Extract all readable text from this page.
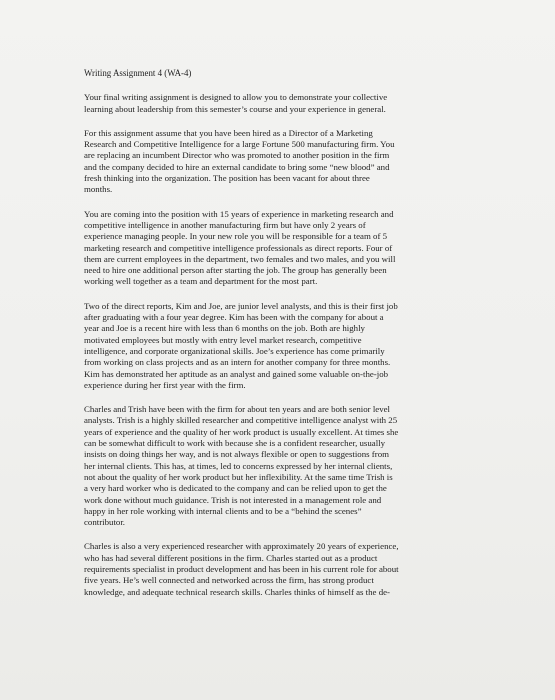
Writing Assignment 4 (WA-4)
Your final writing assignment is designed to allow you to demonstrate your collective
learning about leadership from this semester’s course and your experience in general.
For this assignment assume that you have been hired as a Director of a Marketing
Research and Competitive Intelligence for a large Fortune 500 manufacturing firm. You
are replacing an incumbent Director who was promoted to another position in the firm
and the company decided to hire an external candidate to bring some “new blood” and
fresh thinking into the organization. The position has been vacant for about three
months.
You are coming into the position with 15 years of experience in marketing research and
competitive intelligence in another manufacturing firm but have only 2 years of
experience managing people. In your new role you will be responsible for a team of 5
marketing research and competitive intelligence professionals as direct reports. Four of
them are current employees in the department, two females and two males, and you will
need to hire one additional person after starting the job. The group has generally been
working well together as a team and department for the most part.
Two of the direct reports, Kim and Joe, are junior level analysts, and this is their first job
after graduating with a four year degree. Kim has been with the company for about a
year and Joe is a recent hire with less than 6 months on the job. Both are highly
motivated employees but mostly with entry level market research, competitive
intelligence, and corporate organizational skills. Joe’s experience has come primarily
from working on class projects and as an intern for another company for three months.
Kim has demonstrated her aptitude as an analyst and gained some valuable on-the-job
experience during her first year with the firm.
Charles and Trish have been with the firm for about ten years and are both senior level
analysts. Trish is a highly skilled researcher and competitive intelligence analyst with 25
years of experience and the quality of her work product is usually excellent. At times she
can be somewhat difficult to work with because she is a confident researcher, usually
insists on doing things her way, and is not always flexible or open to suggestions from
her internal clients. This has, at times, led to concerns expressed by her internal clients,
not about the quality of her work product but her inflexibility. At the same time Trish is
a very hard worker who is dedicated to the company and can be relied upon to get the
work done without much guidance. Trish is not interested in a management role and
happy in her role working with internal clients and to be a “behind the scenes”
contributor.
Charles is also a very experienced researcher with approximately 20 years of experience,
who has had several different positions in the firm. Charles started out as a product
requirements specialist in product development and has been in his current role for about
five years. He’s well connected and networked across the firm, has strong product
knowledge, and adequate technical research skills. Charles thinks of himself as the de-
